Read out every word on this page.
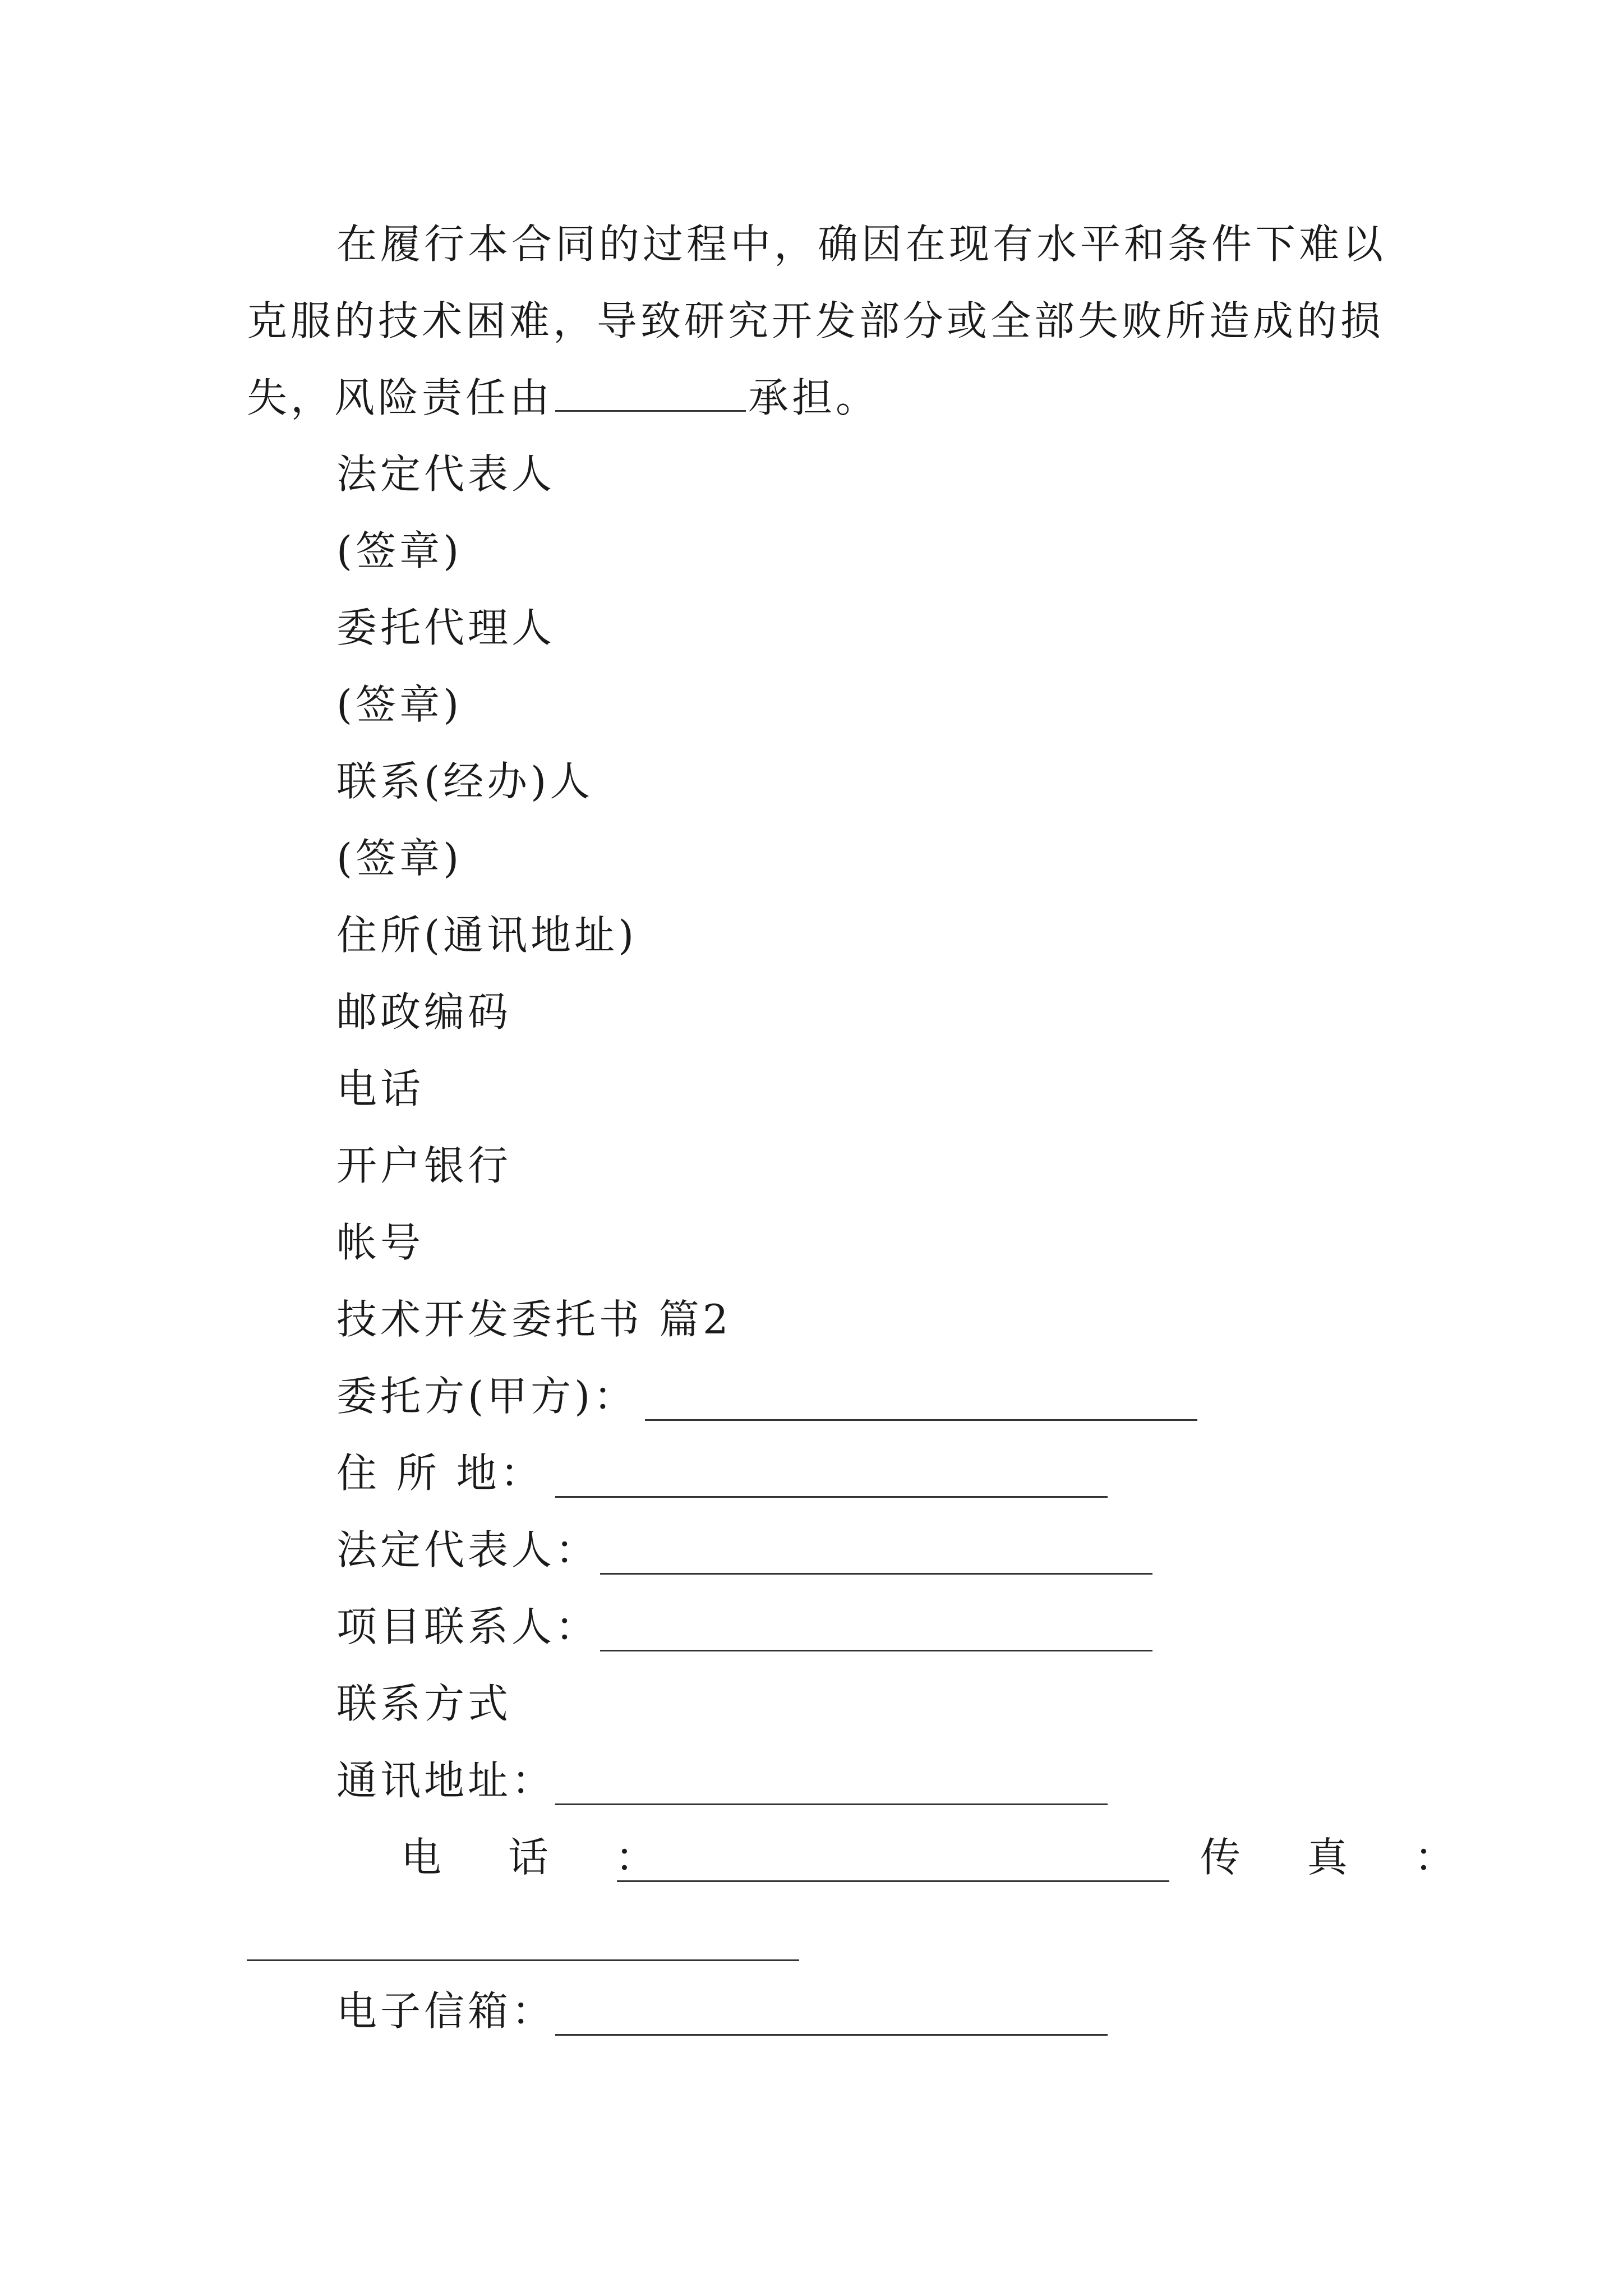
在履行本合同的过程中，确因在现有水平和条件下难以
克服的技术困难，导致研究开发部分或全部失败所造成的损
失，风险责任由	承担。
法定代表人
(签章)
委托代理人
(签章)
联系(经办)人
(签章)
住所(通讯地址)
邮政编码
电话
开户银行
帐号
技术开发委托书 篇2
委托方(甲方)：
住 所 地：
法定代表人：
项目联系人：
联系方式
通讯地址：
电 话 ：	传 真 ：
电子信箱：
